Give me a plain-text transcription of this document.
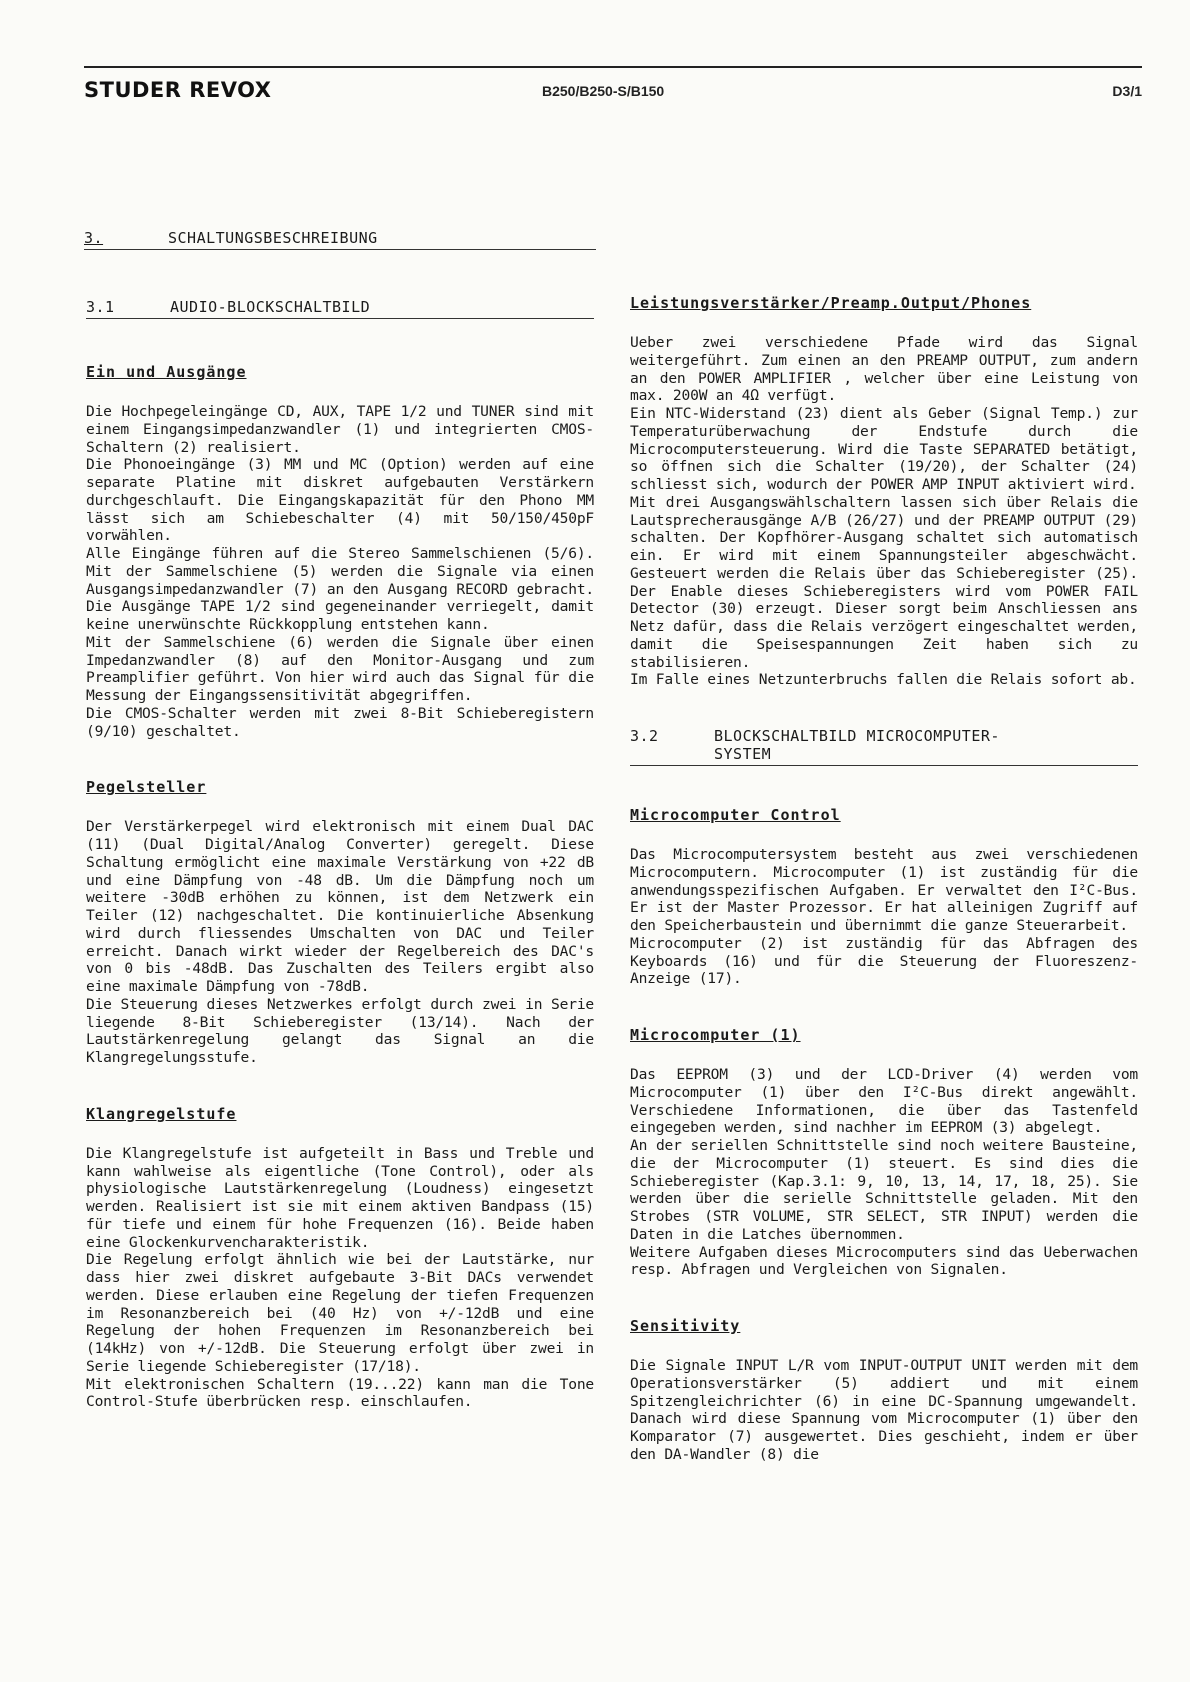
STUDER REVOX	B250/B250-S/B150	D3/1
3.	SCHALTUNGSBESCHREIBUNG
3.1	AUDIO-BLOCKSCHALTBILD
Ein und Ausgänge

Die Hochpegeleingänge CD, AUX, TAPE 1/2 und TUNER sind mit einem Eingangsimpedanzwandler (1) und integrierten CMOS-Schaltern (2) realisiert.

Die Phonoeingänge (3) MM und MC (Option) werden auf eine separate Platine mit diskret aufgebauten Verstärkern durchgeschlauft. Die Eingangskapazität für den Phono MM lässt sich am Schiebeschalter (4) mit 50/150/450pF vorwählen.

Alle Eingänge führen auf die Stereo Sammelschienen (5/6). Mit der Sammelschiene (5) werden die Signale via einen Ausgangsimpedanzwandler (7) an den Ausgang RECORD gebracht. Die Ausgänge TAPE 1/2 sind gegeneinander verriegelt, damit keine unerwünschte Rückkopplung entstehen kann.

Mit der Sammelschiene (6) werden die Signale über einen Impedanzwandler (8) auf den Monitor-Ausgang und zum Preamplifier geführt. Von hier wird auch das Signal für die Messung der Eingangssensitivität abgegriffen.

Die CMOS-Schalter werden mit zwei 8-Bit Schieberegistern (9/10) geschaltet.

Pegelsteller

Der Verstärkerpegel wird elektronisch mit einem Dual DAC (11) (Dual Digital/Analog Converter) geregelt. Diese Schaltung ermöglicht eine maximale Verstärkung von +22 dB und eine Dämpfung von -48 dB. Um die Dämpfung noch um weitere -30dB erhöhen zu können, ist dem Netzwerk ein Teiler (12) nachgeschaltet. Die kontinuierliche Absenkung wird durch fliessendes Umschalten von DAC und Teiler erreicht. Danach wirkt wieder der Regelbereich des DAC's von 0 bis -48dB. Das Zuschalten des Teilers ergibt also eine maximale Dämpfung von -78dB.

Die Steuerung dieses Netzwerkes erfolgt durch zwei in Serie liegende 8-Bit Schieberegister (13/14). Nach der Lautstärkenregelung gelangt das Signal an die Klangregelungsstufe.

Klangregelstufe

Die Klangregelstufe ist aufgeteilt in Bass und Treble und kann wahlweise als eigentliche (Tone Control), oder als physiologische Lautstärkenregelung (Loudness) eingesetzt werden. Realisiert ist sie mit einem aktiven Bandpass (15) für tiefe und einem für hohe Frequenzen (16). Beide haben eine Glockenkurvencharakteristik.

Die Regelung erfolgt ähnlich wie bei der Lautstärke, nur dass hier zwei diskret aufgebaute 3-Bit DACs verwendet werden. Diese erlauben eine Regelung der tiefen Frequenzen im Resonanzbereich bei (40 Hz) von +/-12dB und eine Regelung der hohen Frequenzen im Resonanzbereich bei (14kHz) von +/-12dB. Die Steuerung erfolgt über zwei in Serie liegende Schieberegister (17/18).

Mit elektronischen Schaltern (19...22) kann man die Tone Control-Stufe überbrücken resp. einschlaufen.

Leistungsverstärker/Preamp.Output/Phones

Ueber zwei verschiedene Pfade wird das Signal weitergeführt. Zum einen an den PREAMP OUTPUT, zum andern an den POWER AMPLIFIER , welcher über eine Leistung von max. 200W an 4Ω verfügt.

Ein NTC-Widerstand (23) dient als Geber (Signal Temp.) zur Temperaturüberwachung der Endstufe durch die Microcomputersteuerung. Wird die Taste SEPARATED betätigt, so öffnen sich die Schalter (19/20), der Schalter (24) schliesst sich, wodurch der POWER AMP INPUT aktiviert wird.

Mit drei Ausgangswählschaltern lassen sich über Relais die Lautsprecherausgänge A/B (26/27) und der PREAMP OUTPUT (29) schalten. Der Kopfhörer-Ausgang schaltet sich automatisch ein. Er wird mit einem Spannungsteiler abgeschwächt. Gesteuert werden die Relais über das Schieberegister (25). Der Enable dieses Schieberegisters wird vom POWER FAIL Detector (30) erzeugt. Dieser sorgt beim Anschliessen ans Netz dafür, dass die Relais verzögert eingeschaltet werden, damit die Speisespannungen Zeit haben sich zu stabilisieren.

Im Falle eines Netzunterbruchs fallen die Relais sofort ab.

3.2	BLOCKSCHALTBILD MICROCOMPUTER-
SYSTEM
Microcomputer Control

Das Microcomputersystem besteht aus zwei verschiedenen Microcomputern. Microcomputer (1) ist zuständig für die anwendungsspezifischen Aufgaben. Er verwaltet den I²C-Bus. Er ist der Master Prozessor. Er hat alleinigen Zugriff auf den Speicherbaustein und übernimmt die ganze Steuerarbeit.

Microcomputer (2) ist zuständig für das Abfragen des Keyboards (16) und für die Steuerung der Fluoreszenz-Anzeige (17).

Microcomputer (1)

Das EEPROM (3) und der LCD-Driver (4) werden vom Microcomputer (1) über den I²C-Bus direkt angewählt. Verschiedene Informationen, die über das Tastenfeld eingegeben werden, sind nachher im EEPROM (3) abgelegt.

An der seriellen Schnittstelle sind noch weitere Bausteine, die der Microcomputer (1) steuert. Es sind dies die Schieberegister (Kap.3.1: 9, 10, 13, 14, 17, 18, 25). Sie werden über die serielle Schnittstelle geladen. Mit den Strobes (STR VOLUME, STR SELECT, STR INPUT) werden die Daten in die Latches übernommen.

Weitere Aufgaben dieses Microcomputers sind das Ueberwachen resp. Abfragen und Vergleichen von Signalen.

Sensitivity

Die Signale INPUT L/R vom INPUT-OUTPUT UNIT werden mit dem Operationsverstärker (5) addiert und mit einem Spitzengleichrichter (6) in eine DC-Spannung umgewandelt. Danach wird diese Spannung vom Microcomputer (1) über den Komparator (7) ausgewertet. Dies geschieht, indem er über den DA-Wandler (8) die
